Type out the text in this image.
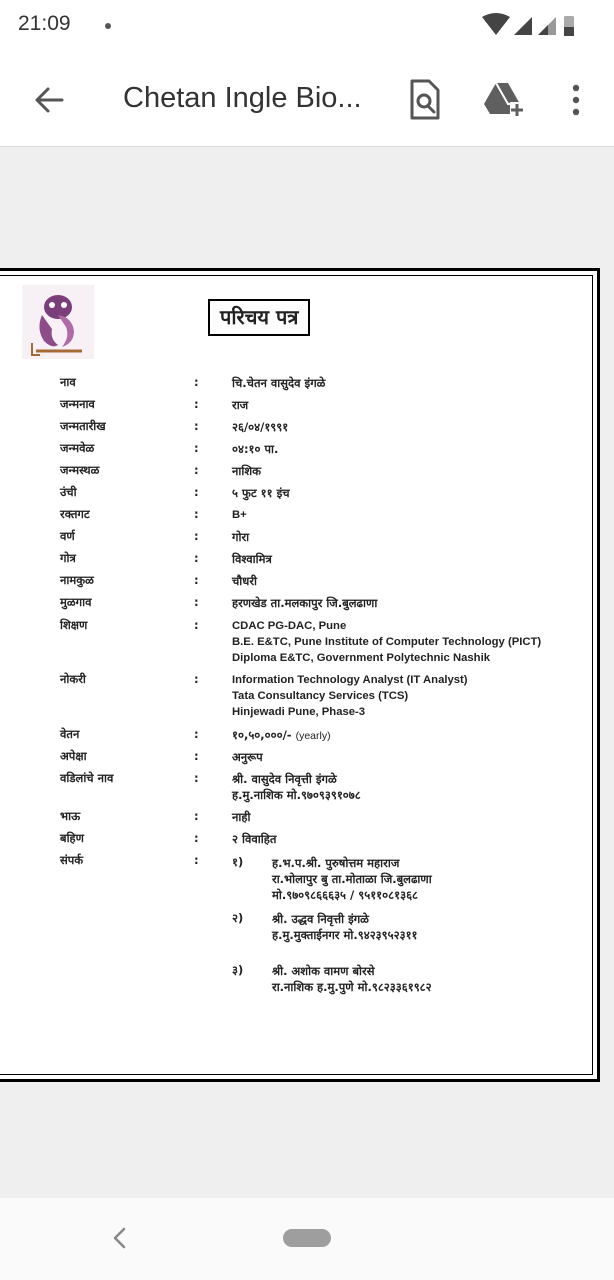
21:09
Chetan Ingle Bio...
परिचय पत्र
नाव	:	चि.चेतन वासुदेव इंगळे
जन्मनाव	:	राज
जन्मतारीख	:	२६/०४/१९९१
जन्मवेळ	:	०४:१० पा.
जन्मस्थळ	:	नाशिक
उंची	:	५ फुट ११ इंच
रक्तगट	:	B+
वर्ण	:	गोरा
गोत्र	:	विश्वामित्र
नामकुळ	:	चौधरी
मुळगाव	:	हरणखेड ता.मलकापुर जि.बुलढाणा
शिक्षण	:	CDAC PG-DAC, Pune
B.E. E&TC, Pune Institute of Computer Technology (PICT)
Diploma E&TC, Government Polytechnic Nashik
नोकरी	:	Information Technology Analyst (IT Analyst)
Tata Consultancy Services (TCS)
Hinjewadi Pune, Phase-3
वेतन	:	१०,५०,०००/- (yearly)
अपेक्षा	:	अनुरूप
वडिलांचे नाव	:	श्री. वासुदेव निवृत्ती इंगळे
ह.मु.नाशिक मो.९७०९३९१०७८
भाऊ	:	नाही
बहिण	:	२ विवाहित
संपर्क	:	१)	ह.भ.प.श्री. पुरुषोत्तम महाराज
रा.भोलापुर बु ता.मोताळा जि.बुलढाणा
मो.९७०९८६६६३५ / ९५११०८१३६८
२)	श्री. उद्धव निवृत्ती इंगळे
ह.मु.मुक्ताईनगर मो.९४२३९५२३११
३)	श्री. अशोक वामण बोरसे
रा.नाशिक ह.मु.पुणे मो.९८२३३६१९८२
